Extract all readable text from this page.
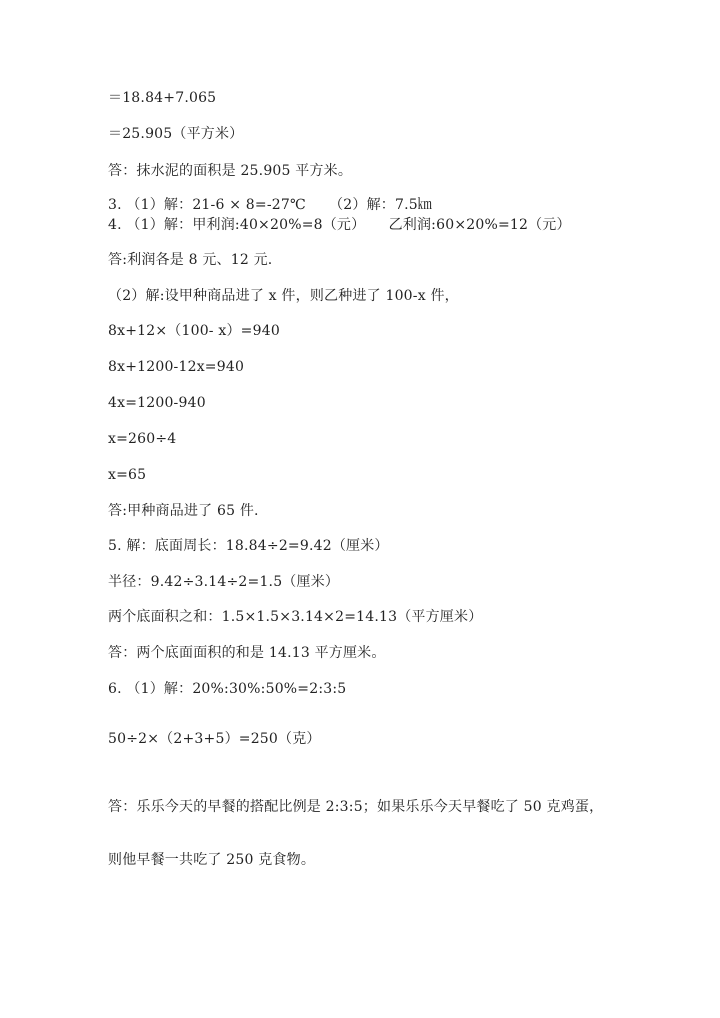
＝18.84+7.065
＝25.905（平方米）
答：抹水泥的面积是 25.905 平方米。
3. （1）解：21-6 × 8=-27℃     （2）解：7.5㎞
4. （1）解：甲利润:40×20%=8（元）     乙利润:60×20%=12（元）
答:利润各是 8 元、12 元.
（2）解:设甲种商品进了 x 件，则乙种进了 100-x 件，
8x+12×（100- x）=940
8x+1200-12x=940
4x=1200-940
x=260÷4
x=65
答:甲种商品进了 65 件.
5. 解：底面周长：18.84÷2=9.42（厘米）
半径：9.42÷3.14÷2=1.5（厘米）
两个底面积之和：1.5×1.5×3.14×2=14.13（平方厘米）
答：两个底面面积的和是 14.13 平方厘米。
6. （1）解：20%:30%:50%=2:3:5
50÷2×（2+3+5）=250（克）
答：乐乐今天的早餐的搭配比例是 2:3:5；如果乐乐今天早餐吃了 50 克鸡蛋，
则他早餐一共吃了 250 克食物。
